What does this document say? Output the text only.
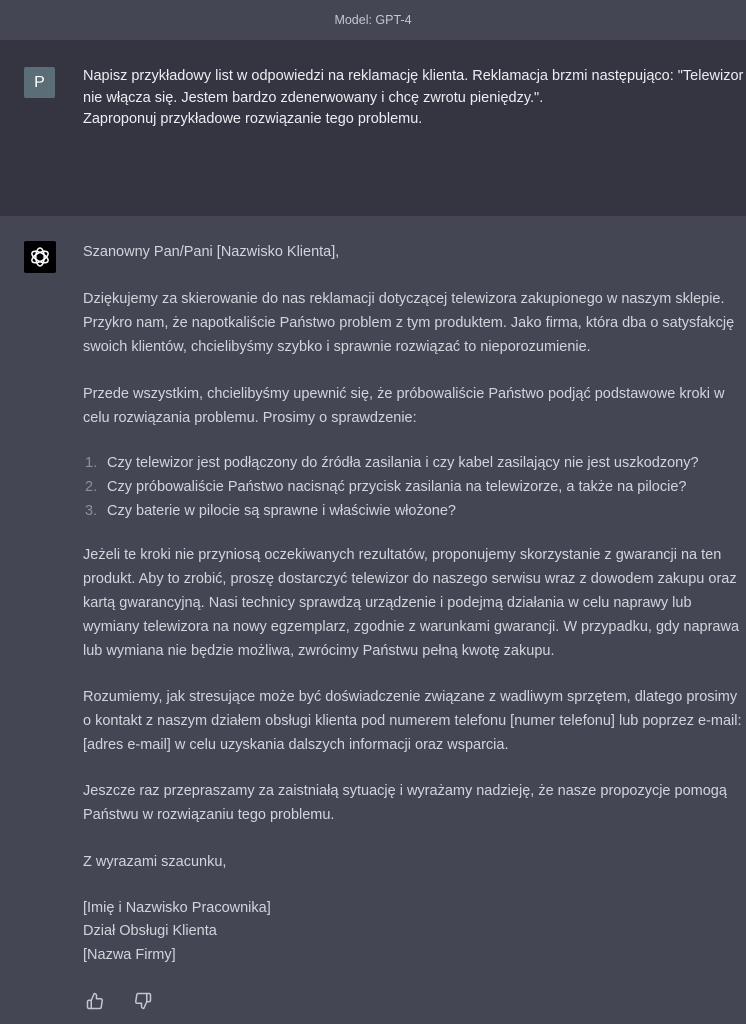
Model: GPT-4
P	Napisz przykładowy list w odpowiedzi na reklamację klienta. Reklamacja brzmi następująco: "Telewizor
nie włącza się. Jestem bardzo zdenerwowany i chcę zwrotu pieniędzy.".
Zaproponuj przykładowe rozwiązanie tego problemu.
Szanowny Pan/Pani [Nazwisko Klienta],
Dziękujemy za skierowanie do nas reklamacji dotyczącej telewizora zakupionego w naszym sklepie.
Przykro nam, że napotkaliście Państwo problem z tym produktem. Jako firma, która dba o satysfakcję
swoich klientów, chcielibyśmy szybko i sprawnie rozwiązać to nieporozumienie.
Przede wszystkim, chcielibyśmy upewnić się, że próbowaliście Państwo podjąć podstawowe kroki w
celu rozwiązania problemu. Prosimy o sprawdzenie:
1. Czy telewizor jest podłączony do źródła zasilania i czy kabel zasilający nie jest uszkodzony?
2. Czy próbowaliście Państwo nacisnąć przycisk zasilania na telewizorze, a także na pilocie?
3. Czy baterie w pilocie są sprawne i właściwie włożone?
Jeżeli te kroki nie przyniosą oczekiwanych rezultatów, proponujemy skorzystanie z gwarancji na ten
produkt. Aby to zrobić, proszę dostarczyć telewizor do naszego serwisu wraz z dowodem zakupu oraz
kartą gwarancyjną. Nasi technicy sprawdzą urządzenie i podejmą działania w celu naprawy lub
wymiany telewizora na nowy egzemplarz, zgodnie z warunkami gwarancji. W przypadku, gdy naprawa
lub wymiana nie będzie możliwa, zwrócimy Państwu pełną kwotę zakupu.
Rozumiemy, jak stresujące może być doświadczenie związane z wadliwym sprzętem, dlatego prosimy
o kontakt z naszym działem obsługi klienta pod numerem telefonu [numer telefonu] lub poprzez e-mail:
[adres e-mail] w celu uzyskania dalszych informacji oraz wsparcia.
Jeszcze raz przepraszamy za zaistniałą sytuację i wyrażamy nadzieję, że nasze propozycje pomogą
Państwu w rozwiązaniu tego problemu.
Z wyrazami szacunku,
[Imię i Nazwisko Pracownika]
Dział Obsługi Klienta
[Nazwa Firmy]
